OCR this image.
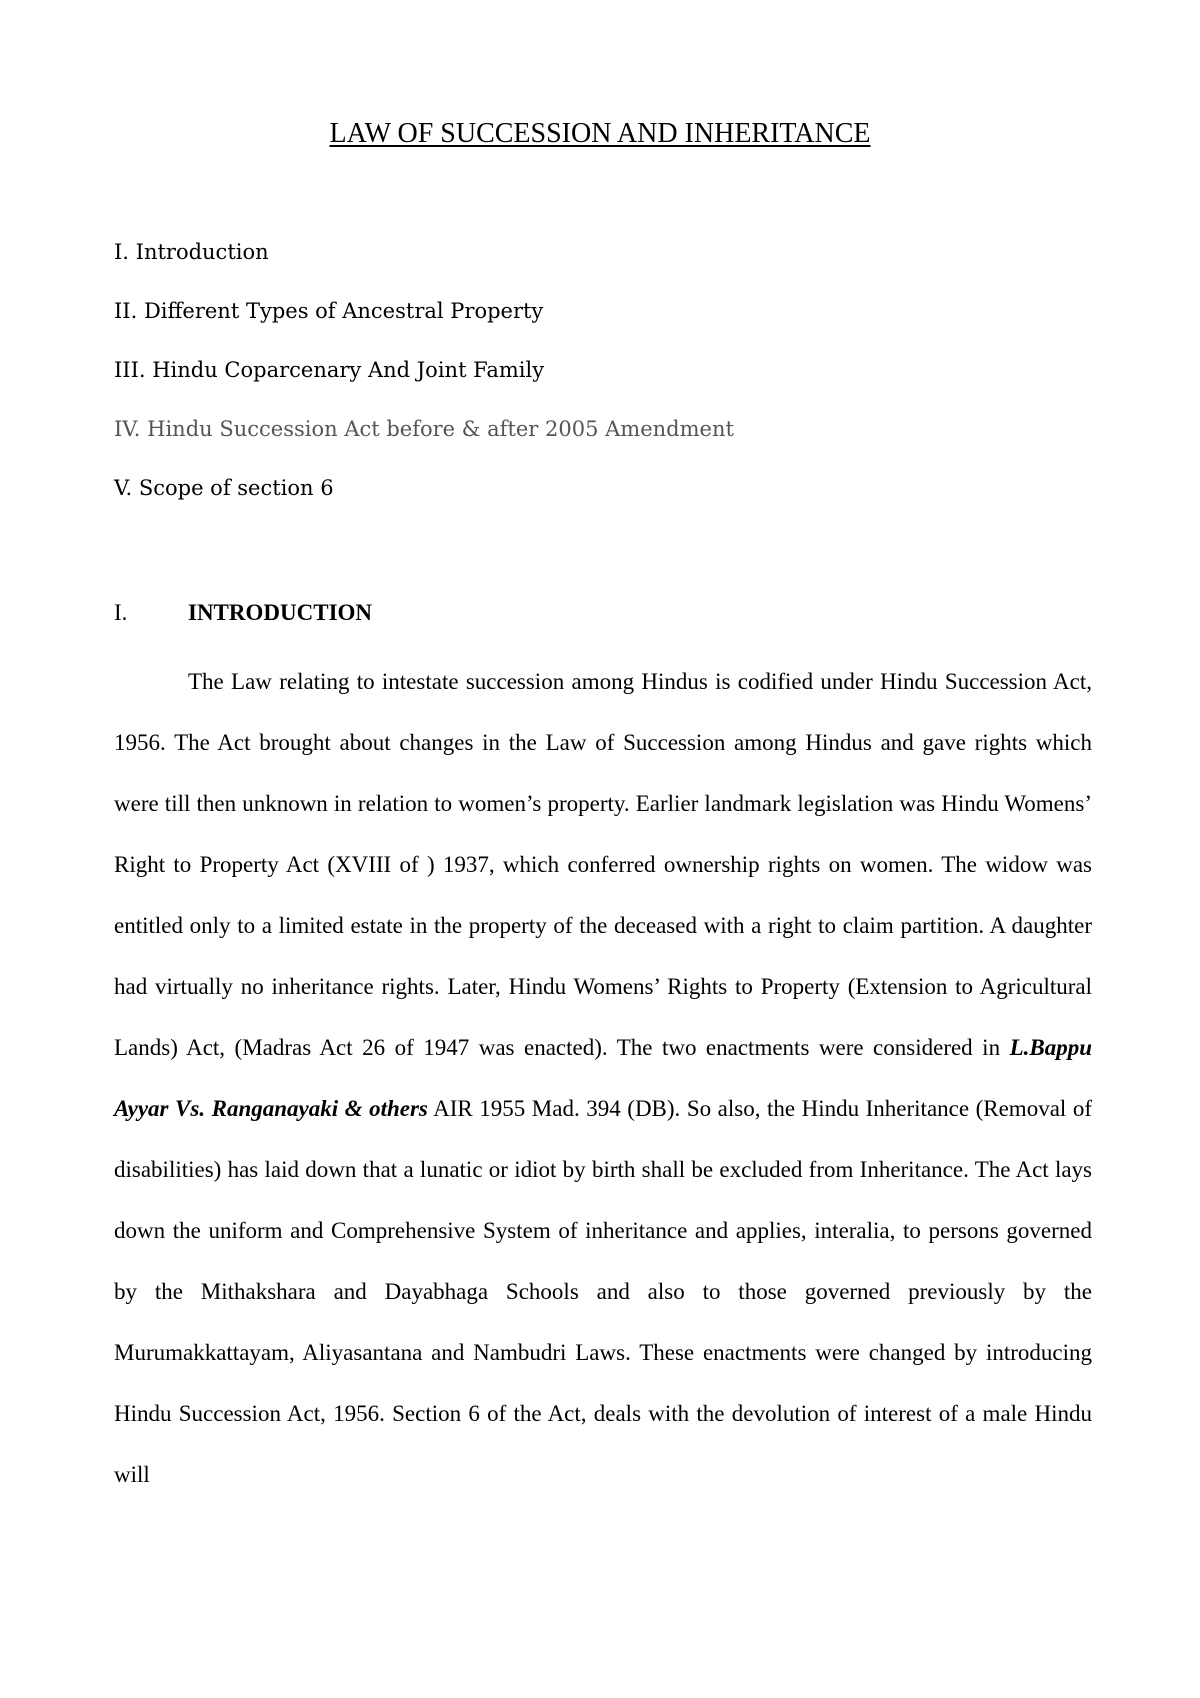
LAW OF SUCCESSION AND INHERITANCE
I. Introduction
II. Different Types of Ancestral Property
III. Hindu Coparcenary And Joint Family
IV. Hindu Succession Act before & after 2005 Amendment
V. Scope of section 6
I.	INTRODUCTION

The Law relating to intestate succession among Hindus is codified under Hindu Succession Act, 1956. The Act brought about changes in the Law of Succession among Hindus and gave rights which were till then unknown in relation to women’s property. Earlier landmark legislation was Hindu Womens’ Right to Property Act (XVIII of ) 1937, which conferred ownership rights on women. The widow was entitled only to a limited estate in the property of the deceased with a right to claim partition. A daughter had virtually no inheritance rights. Later, Hindu Womens’ Rights to Property (Extension to Agricultural Lands) Act, (Madras Act 26 of 1947 was enacted). The two enactments were considered in L.Bappu Ayyar Vs. Ranganayaki & others AIR 1955 Mad. 394 (DB). So also, the Hindu Inheritance (Removal of disabilities) has laid down that a lunatic or idiot by birth shall be excluded from Inheritance. The Act lays down the uniform and Comprehensive System of inheritance and applies, interalia, to persons governed by the Mithakshara and Dayabhaga Schools and also to those governed previously by the Murumakkattayam, Aliyasantana and Nambudri Laws. These enactments were changed by introducing Hindu Succession Act, 1956. Section 6 of the Act, deals with the devolution of interest of a male Hindu will
